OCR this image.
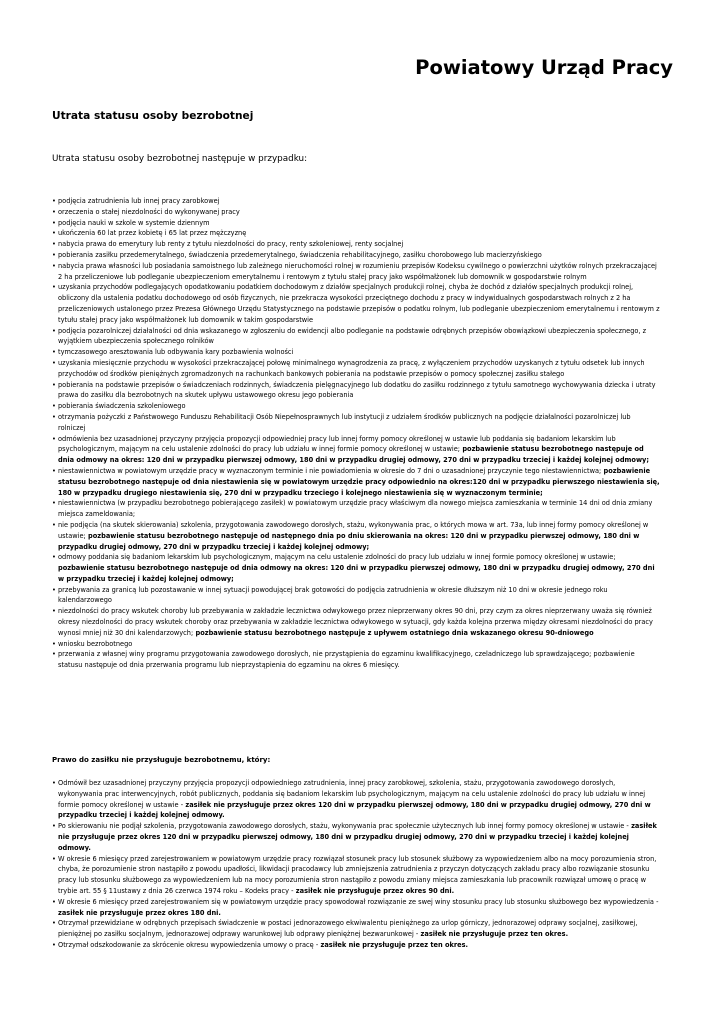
Powiatowy Urząd Pracy
Utrata statusu osoby bezrobotnej

Utrata statusu osoby bezrobotnej następuje w przypadku:

• podjęcia zatrudnienia lub innej pracy zarobkowej
• orzeczenia o stałej niezdolności do wykonywanej pracy
• podjęcia nauki w szkole w systemie dziennym
• ukończenia 60 lat przez kobietę i 65 lat przez mężczyznę
• nabycia prawa do emerytury lub renty z tytułu niezdolności do pracy, renty szkoleniowej, renty socjalnej
• pobierania zasiłku przedemerytalnego, świadczenia przedemerytalnego, świadczenia rehabilitacyjnego, zasiłku chorobowego lub macierzyńskiego
• nabycia prawa własności lub posiadania samoistnego lub zależnego nieruchomości rolnej w rozumieniu przepisów Kodeksu cywilnego o powierzchni użytków rolnych przekraczającej 2 ha przeliczeniowe lub podleganie ubezpieczeniom emerytalnemu i rentowym z tytułu stałej pracy jako współmałżonek lub domownik w gospodarstwie rolnym
• uzyskania przychodów podlegających opodatkowaniu podatkiem dochodowym z działów specjalnych produkcji rolnej, chyba że dochód z działów specjalnych produkcji rolnej, obliczony dla ustalenia podatku dochodowego od osób fizycznych, nie przekracza wysokości przeciętnego dochodu z pracy w indywidualnych gospodarstwach rolnych z 2 ha przeliczeniowych ustalonego przez Prezesa Głównego Urzędu Statystycznego na podstawie przepisów o podatku rolnym, lub podleganie ubezpieczeniom emerytalnemu i rentowym z tytułu stałej pracy jako współmałżonek lub domownik w takim gospodarstwie
• podjęcia pozarolniczej działalności od dnia wskazanego w zgłoszeniu do ewidencji albo podleganie na podstawie odrębnych przepisów obowiązkowi ubezpieczenia społecznego, z wyjątkiem ubezpieczenia społecznego rolników
• tymczasowego aresztowania lub odbywania kary pozbawienia wolności
• uzyskania miesięcznie przychodu w wysokości przekraczającej połowę minimalnego wynagrodzenia za pracę, z wyłączeniem przychodów uzyskanych z tytułu odsetek lub innych przychodów od środków pieniężnych zgromadzonych na rachunkach bankowych pobierania na podstawie przepisów o pomocy społecznej zasiłku stałego
• pobierania na podstawie przepisów o świadczeniach rodzinnych, świadczenia pielęgnacyjnego lub dodatku do zasiłku rodzinnego z tytułu samotnego wychowywania dziecka i utraty prawa do zasiłku dla bezrobotnych na skutek upływu ustawowego okresu jego pobierania
• pobierania świadczenia szkoleniowego
• otrzymania pożyczki z Państwowego Funduszu Rehabilitacji Osób Niepełnosprawnych lub instytucji z udziałem środków publicznych na podjęcie działalności pozarolniczej lub rolniczej
• odmówienia bez uzasadnionej przyczyny przyjęcia propozycji odpowiedniej pracy lub innej formy pomocy określonej w ustawie lub poddania się badaniom lekarskim lub psychologicznym, mającym na celu ustalenie zdolności do pracy lub udziału w innej formie pomocy określonej w ustawie; pozbawienie statusu bezrobotnego następuje od dnia odmowy na okres: 120 dni w przypadku pierwszej odmowy, 180 dni w przypadku drugiej odmowy, 270 dni w przypadku trzeciej i każdej kolejnej odmowy;
• niestawiennictwa w powiatowym urzędzie pracy w wyznaczonym terminie i nie powiadomienia w okresie do 7 dni o uzasadnionej przyczynie tego niestawiennictwa; pozbawienie statusu bezrobotnego następuje od dnia niestawienia się w powiatowym urzędzie pracy odpowiednio na okres:120 dni w przypadku pierwszego niestawienia się, 180 w przypadku drugiego niestawienia się, 270 dni w przypadku trzeciego i kolejnego niestawienia się w wyznaczonym terminie;
• niestawiennictwa (w przypadku bezrobotnego pobierającego zasiłek) w powiatowym urzędzie pracy właściwym dla nowego miejsca zamieszkania w terminie 14 dni od dnia zmiany miejsca zameldowania;
• nie podjęcia (na skutek skierowania) szkolenia, przygotowania zawodowego dorosłych, stażu, wykonywania prac, o których mowa w art. 73a, lub innej formy pomocy określonej w ustawie; pozbawienie statusu bezrobotnego następuje od następnego dnia po dniu skierowania na okres: 120 dni w przypadku pierwszej odmowy, 180 dni w przypadku drugiej odmowy, 270 dni w przypadku trzeciej i każdej kolejnej odmowy;
• odmowy poddania się badaniom lekarskim lub psychologicznym, mającym na celu ustalenie zdolności do pracy lub udziału w innej formie pomocy określonej w ustawie; pozbawienie statusu bezrobotnego następuje od dnia odmowy na okres: 120 dni w przypadku pierwszej odmowy, 180 dni w przypadku drugiej odmowy, 270 dni w przypadku trzeciej i każdej kolejnej odmowy;
• przebywania za granicą lub pozostawanie w innej sytuacji powodującej brak gotowości do podjęcia zatrudnienia w okresie dłuższym niż 10 dni w okresie jednego roku kalendarzowego
• niezdolności do pracy wskutek choroby lub przebywania w zakładzie lecznictwa odwykowego przez nieprzerwany okres 90 dni, przy czym za okres nieprzerwany uważa się również okresy niezdolności do pracy wskutek choroby oraz przebywania w zakładzie lecznictwa odwykowego w sytuacji, gdy każda kolejna przerwa między okresami niezdolności do pracy wynosi mniej niż 30 dni kalendarzowych; pozbawienie statusu bezrobotnego następuje z upływem ostatniego dnia wskazanego okresu 90-dniowego
• wniosku bezrobotnego
• przerwania z własnej winy programu przygotowania zawodowego dorosłych, nie przystąpienia do egzaminu kwalifikacyjnego, czeladniczego lub sprawdzającego; pozbawienie statusu następuje od dnia przerwania programu lub nieprzystąpienia do egzaminu na okres 6 miesięcy.
Prawo do zasiłku nie przysługuje bezrobotnemu, który:
• Odmówił bez uzasadnionej przyczyny przyjęcia propozycji odpowiedniego zatrudnienia, innej pracy zarobkowej, szkolenia, stażu, przygotowania zawodowego dorosłych, wykonywania prac interwencyjnych, robót publicznych, poddania się badaniom lekarskim lub psychologicznym, mającym na celu ustalenie zdolności do pracy lub udziału w innej formie pomocy określonej w ustawie - zasiłek nie przysługuje przez okres 120 dni w przypadku pierwszej odmowy, 180 dni w przypadku drugiej odmowy, 270 dni w przypadku trzeciej i każdej kolejnej odmowy.
• Po skierowaniu nie podjął szkolenia, przygotowania zawodowego dorosłych, stażu, wykonywania prac społecznie użytecznych lub innej formy pomocy określonej w ustawie - zasiłek nie przysługuje przez okres 120 dni w przypadku pierwszej odmowy, 180 dni w przypadku drugiej odmowy, 270 dni w przypadku trzeciej i każdej kolejnej odmowy.
• W okresie 6 miesięcy przed zarejestrowaniem w powiatowym urzędzie pracy rozwiązał stosunek pracy lub stosunek służbowy za wypowiedzeniem albo na mocy porozumienia stron, chyba, że porozumienie stron nastąpiło z powodu upadłości, likwidacji pracodawcy lub zmniejszenia zatrudnienia z przyczyn dotyczących zakładu pracy albo rozwiązanie stosunku pracy lub stosunku służbowego za wypowiedzeniem lub na mocy porozumienia stron nastąpiło z powodu zmiany miejsca zamieszkania lub pracownik rozwiązał umowę o pracę w trybie art. 55 § 11ustawy z dnia 26 czerwca 1974 roku – Kodeks pracy - zasiłek nie przysługuje przez okres 90 dni.
• W okresie 6 miesięcy przed zarejestrowaniem się w powiatowym urzędzie pracy spowodował rozwiązanie ze swej winy stosunku pracy lub stosunku służbowego bez wypowiedzenia - zasiłek nie przysługuje przez okres 180 dni.
• Otrzymał przewidziane w odrębnych przepisach świadczenie w postaci jednorazowego ekwiwalentu pieniężnego za urlop górniczy, jednorazowej odprawy socjalnej, zasiłkowej, pieniężnej po zasiłku socjalnym, jednorazowej odprawy warunkowej lub odprawy pieniężnej bezwarunkowej - zasiłek nie przysługuje przez ten okres.
• Otrzymał odszkodowanie za skrócenie okresu wypowiedzenia umowy o pracę - zasiłek nie przysługuje przez ten okres.
